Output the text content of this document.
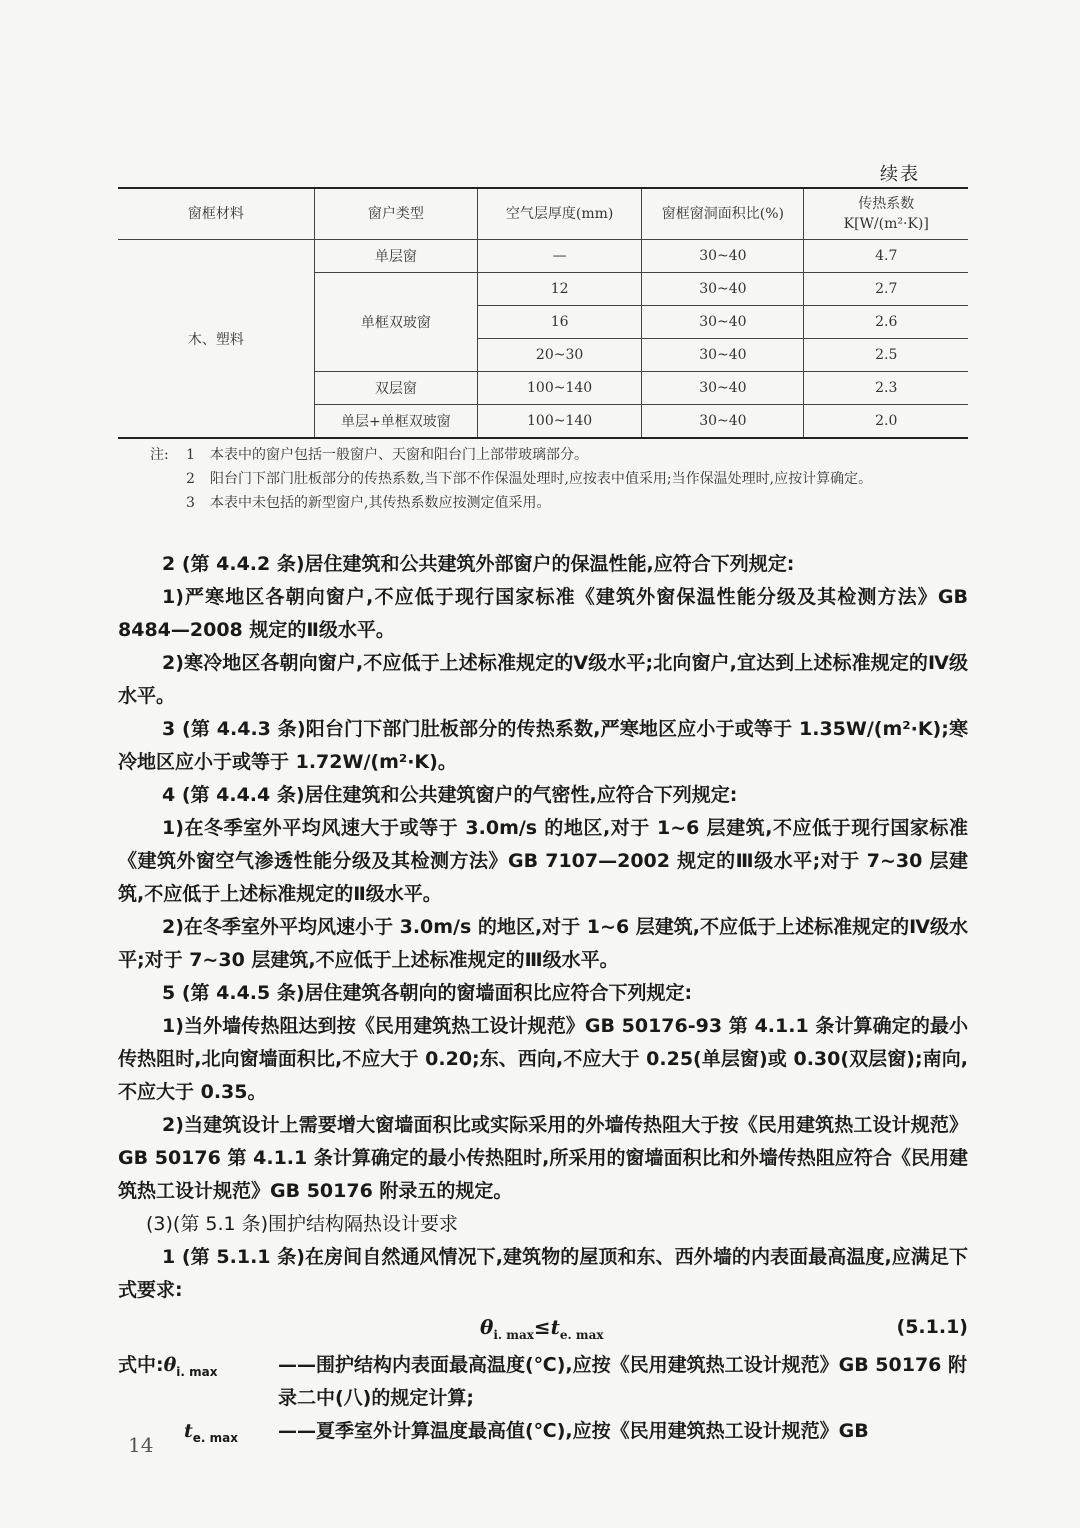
续表
窗框材料	窗户类型	空气层厚度(mm)	窗框窗洞面积比(%)	传热系数
K[W/(m²·K)]
木、塑料	单层窗	—	30~40	4.7
	单框双玻窗	12	30~40	2.7
		16	30~40	2.6
		20~30	30~40	2.5
	双层窗	100~140	30~40	2.3
	单层+单框双玻窗	100~140	30~40	2.0
注:	1	本表中的窗户包括一般窗户、天窗和阳台门上部带玻璃部分。
2	阳台门下部门肚板部分的传热系数,当下部不作保温处理时,应按表中值采用;当作保温处理时,应按计算确定。
3	本表中未包括的新型窗户,其传热系数应按测定值采用。

2 (第 4.4.2 条)居住建筑和公共建筑外部窗户的保温性能,应符合下列规定:

1)严寒地区各朝向窗户,不应低于现行国家标准《建筑外窗保温性能分级及其检测方法》GB 8484—2008 规定的Ⅱ级水平。

2)寒冷地区各朝向窗户,不应低于上述标准规定的Ⅴ级水平;北向窗户,宜达到上述标准规定的Ⅳ级水平。

3 (第 4.4.3 条)阳台门下部门肚板部分的传热系数,严寒地区应小于或等于 1.35W/(m²·K);寒冷地区应小于或等于 1.72W/(m²·K)。

4 (第 4.4.4 条)居住建筑和公共建筑窗户的气密性,应符合下列规定:

1)在冬季室外平均风速大于或等于 3.0m/s 的地区,对于 1~6 层建筑,不应低于现行国家标准《建筑外窗空气渗透性能分级及其检测方法》GB 7107—2002 规定的Ⅲ级水平;对于 7~30 层建筑,不应低于上述标准规定的Ⅱ级水平。

2)在冬季室外平均风速小于 3.0m/s 的地区,对于 1~6 层建筑,不应低于上述标准规定的Ⅳ级水平;对于 7~30 层建筑,不应低于上述标准规定的Ⅲ级水平。

5 (第 4.4.5 条)居住建筑各朝向的窗墙面积比应符合下列规定:

1)当外墙传热阻达到按《民用建筑热工设计规范》GB 50176-93 第 4.1.1 条计算确定的最小传热阻时,北向窗墙面积比,不应大于 0.20;东、西向,不应大于 0.25(单层窗)或 0.30(双层窗);南向,不应大于 0.35。

2)当建筑设计上需要增大窗墙面积比或实际采用的外墙传热阻大于按《民用建筑热工设计规范》GB 50176 第 4.1.1 条计算确定的最小传热阻时,所采用的窗墙面积比和外墙传热阻应符合《民用建筑热工设计规范》GB 50176 附录五的规定。

(3)(第 5.1 条)围护结构隔热设计要求

1 (第 5.1.1 条)在房间自然通风情况下,建筑物的屋顶和东、西外墙的内表面最高温度,应满足下式要求:

$\theta_{i. max}\le t_{e. max}$	(5.1.1)
式中$:\theta_{i. max}$	——围护结构内表面最高温度(℃),应按《民用建筑热工设计规范》GB 50176 附录二中(八)的规定计算;
$t_{e. max}$ ——夏季室外计算温度最高值(℃),应按《民用建筑热工设计规范》GB
14
